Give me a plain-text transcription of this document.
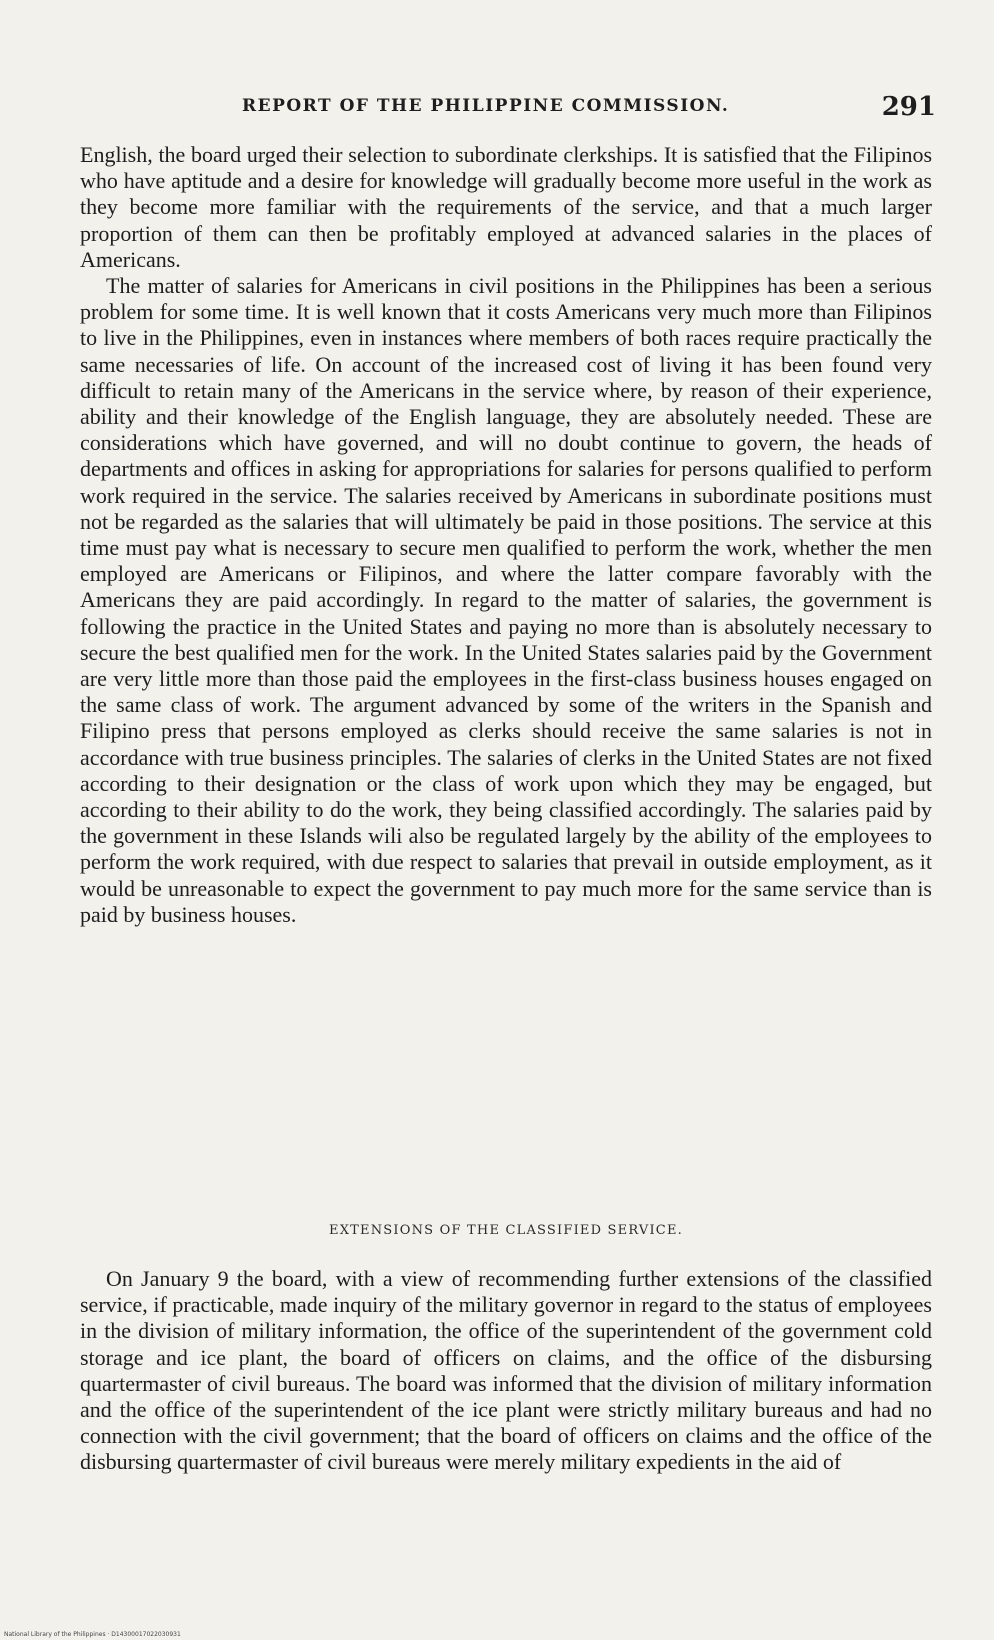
REPORT OF THE PHILIPPINE COMMISSION.	291

English, the board urged their selection to subordinate clerkships. It is satisfied that the Filipinos who have aptitude and a desire for knowledge will gradually become more useful in the work as they become more familiar with the requirements of the service, and that a much larger proportion of them can then be profitably employed at advanced salaries in the places of Americans.

The matter of salaries for Americans in civil positions in the Philippines has been a serious problem for some time. It is well known that it costs Americans very much more than Filipinos to live in the Philippines, even in instances where members of both races require practically the same necessaries of life. On account of the increased cost of living it has been found very difficult to retain many of the Americans in the service where, by reason of their experience, ability and their knowledge of the English language, they are absolutely needed. These are considerations which have governed, and will no doubt continue to govern, the heads of departments and offices in asking for appropriations for salaries for persons qualified to perform work required in the service. The salaries received by Americans in subordinate positions must not be regarded as the salaries that will ultimately be paid in those positions. The service at this time must pay what is necessary to secure men qualified to perform the work, whether the men employed are Americans or Filipinos, and where the latter compare favorably with the Americans they are paid accordingly. In regard to the matter of salaries, the government is following the practice in the United States and paying no more than is absolutely necessary to secure the best qualified men for the work. In the United States salaries paid by the Government are very little more than those paid the employees in the first-class business houses engaged on the same class of work. The argument advanced by some of the writers in the Spanish and Filipino press that persons employed as clerks should receive the same salaries is not in accordance with true business principles. The salaries of clerks in the United States are not fixed according to their designation or the class of work upon which they may be engaged, but according to their ability to do the work, they being classified accordingly. The salaries paid by the government in these Islands wili also be regulated largely by the ability of the employees to perform the work required, with due respect to salaries that prevail in outside employment, as it would be unreasonable to expect the government to pay much more for the same service than is paid by business houses.

EXTENSIONS OF THE CLASSIFIED SERVICE.

On January 9 the board, with a view of recommending further extensions of the classified service, if practicable, made inquiry of the military governor in regard to the status of employees in the division of military information, the office of the superintendent of the government cold storage and ice plant, the board of officers on claims, and the office of the disbursing quartermaster of civil bureaus. The board was informed that the division of military information and the office of the superintendent of the ice plant were strictly military bureaus and had no connection with the civil government; that the board of officers on claims and the office of the disbursing quartermaster of civil bureaus were merely military expedients in the aid of

National Library of the Philippines · D14300017022030931
